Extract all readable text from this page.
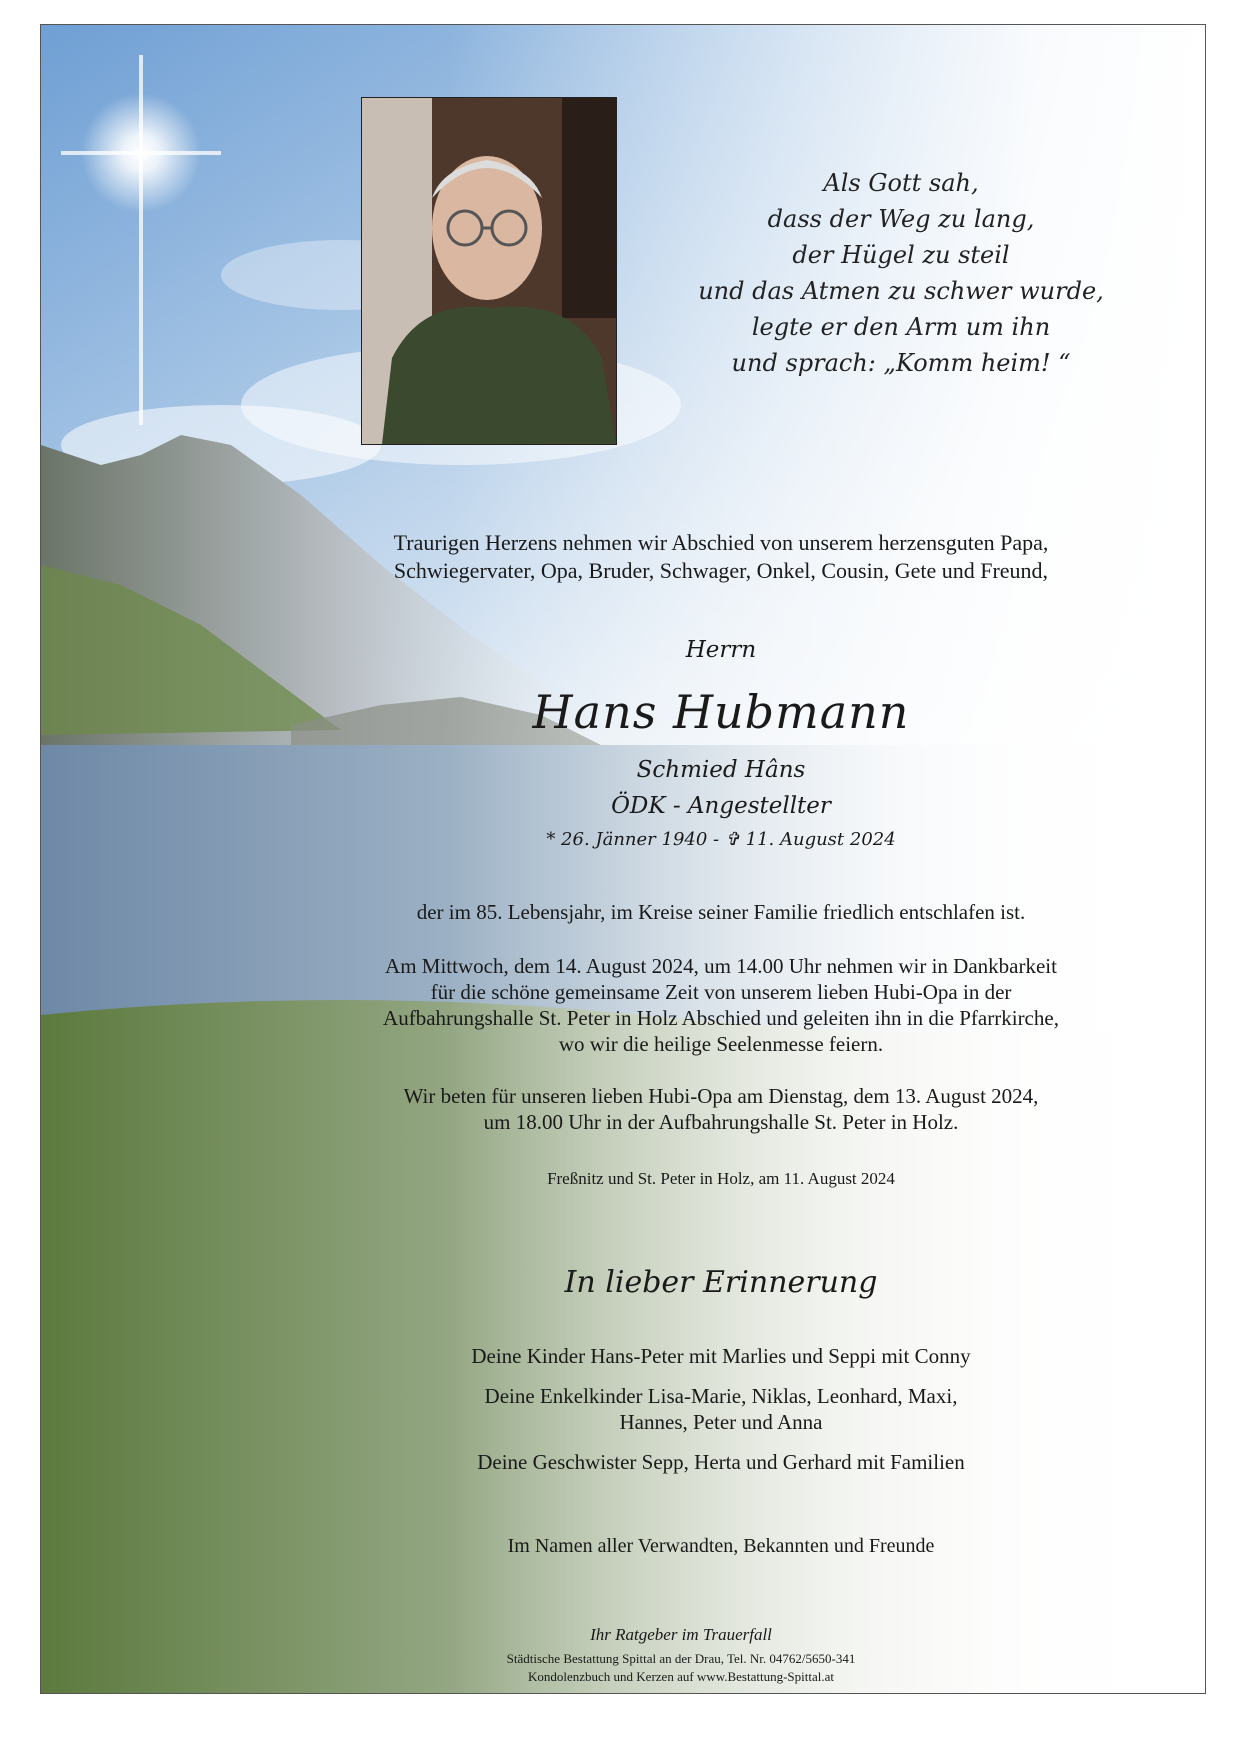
Als Gott sah,
dass der Weg zu lang,
der Hügel zu steil
und das Atmen zu schwer wurde,
legte er den Arm um ihn
und sprach: „Komm heim! “
Traurigen Herzens nehmen wir Abschied von unserem herzensguten Papa,
Schwiegervater, Opa, Bruder, Schwager, Onkel, Cousin, Gete und Freund,
Herrn
Hans Hubmann
Schmied Hâns
ÖDK - Angestellter
* 26. Jänner 1940 - ✞ 11. August 2024
der im 85. Lebensjahr, im Kreise seiner Familie friedlich entschlafen ist.
Am Mittwoch, dem 14. August 2024, um 14.00 Uhr nehmen wir in Dankbarkeit
für die schöne gemeinsame Zeit von unserem lieben Hubi-Opa in der
Aufbahrungshalle St. Peter in Holz Abschied und geleiten ihn in die Pfarrkirche,
wo wir die heilige Seelenmesse feiern.
Wir beten für unseren lieben Hubi-Opa am Dienstag, dem 13. August 2024,
um 18.00 Uhr in der Aufbahrungshalle St. Peter in Holz.
Freßnitz und St. Peter in Holz, am 11. August 2024
In lieber Erinnerung
Deine Kinder Hans-Peter mit Marlies und Seppi mit Conny
Deine Enkelkinder Lisa-Marie, Niklas, Leonhard, Maxi,
Hannes, Peter und Anna
Deine Geschwister Sepp, Herta und Gerhard mit Familien
Im Namen aller Verwandten, Bekannten und Freunde
Ihr Ratgeber im Trauerfall
Städtische Bestattung Spittal an der Drau, Tel. Nr. 04762/5650-341
Kondolenzbuch und Kerzen auf www.Bestattung-Spittal.at
